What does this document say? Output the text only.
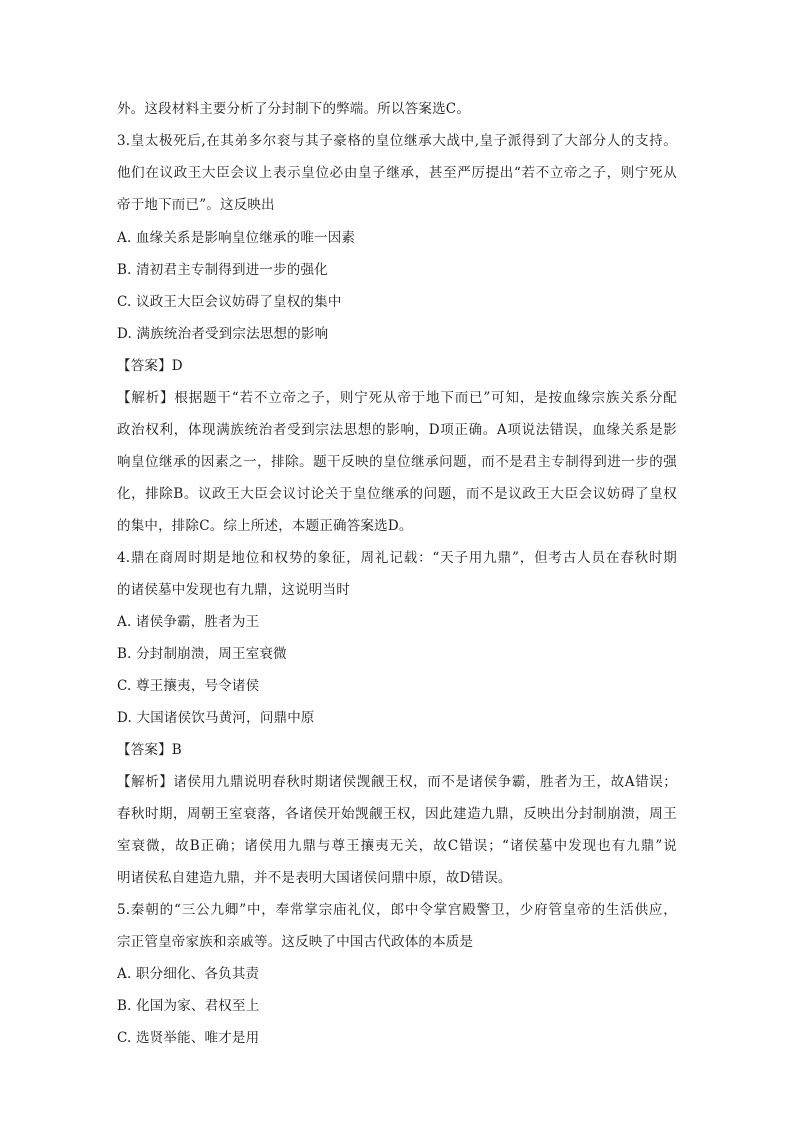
外。这段材料主要分析了分封制下的弊端。所以答案选C。
3.皇太极死后,在其弟多尔衮与其子豪格的皇位继承大战中,皇子派得到了大部分人的支持。
他们在议政王大臣会议上表示皇位必由皇子继承，甚至严厉提出“若不立帝之子，则宁死从
帝于地下而已”。这反映出
A. 血缘关系是影响皇位继承的唯一因素
B. 清初君主专制得到进一步的强化
C. 议政王大臣会议妨碍了皇权的集中
D. 满族统治者受到宗法思想的影响
【答案】D
【解析】根据题干“若不立帝之子，则宁死从帝于地下而已”可知，是按血缘宗族关系分配
政治权利，体现满族统治者受到宗法思想的影响，D项正确。A项说法错误，血缘关系是影
响皇位继承的因素之一，排除。题干反映的皇位继承问题，而不是君主专制得到进一步的强
化，排除B。议政王大臣会议讨论关于皇位继承的问题，而不是议政王大臣会议妨碍了皇权
的集中，排除C。综上所述，本题正确答案选D。
4.鼎在商周时期是地位和权势的象征，周礼记载：“天子用九鼎”，但考古人员在春秋时期
的诸侯墓中发现也有九鼎，这说明当时
A. 诸侯争霸，胜者为王
B. 分封制崩溃，周王室衰微
C. 尊王攘夷，号令诸侯
D. 大国诸侯饮马黄河，问鼎中原
【答案】B
【解析】诸侯用九鼎说明春秋时期诸侯觊觎王权，而不是诸侯争霸，胜者为王，故A错误；
春秋时期，周朝王室衰落，各诸侯开始觊觎王权，因此建造九鼎，反映出分封制崩溃，周王
室衰微，故B正确；诸侯用九鼎与尊王攘夷无关，故C错误；“诸侯墓中发现也有九鼎”说
明诸侯私自建造九鼎，并不是表明大国诸侯问鼎中原，故D错误。
5.秦朝的“三公九卿”中，奉常掌宗庙礼仪，郎中令掌宫殿警卫，少府管皇帝的生活供应，
宗正管皇帝家族和亲戚等。这反映了中国古代政体的本质是
A. 职分细化、各负其责
B. 化国为家、君权至上
C. 选贤举能、唯才是用
